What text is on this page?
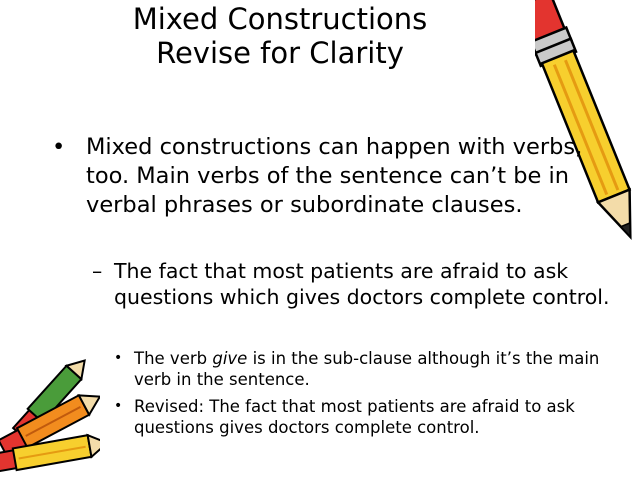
Mixed Constructions
Revise for Clarity
• Mixed constructions can happen with verbs, too. Main verbs of the sentence can’t be in verbal phrases or subordinate clauses.
– The fact that most patients are afraid to ask questions which gives doctors complete control.
• The verb give is in the sub-clause although it’s the main verb in the sentence.
• Revised: The fact that most patients are afraid to ask questions gives doctors complete control.
